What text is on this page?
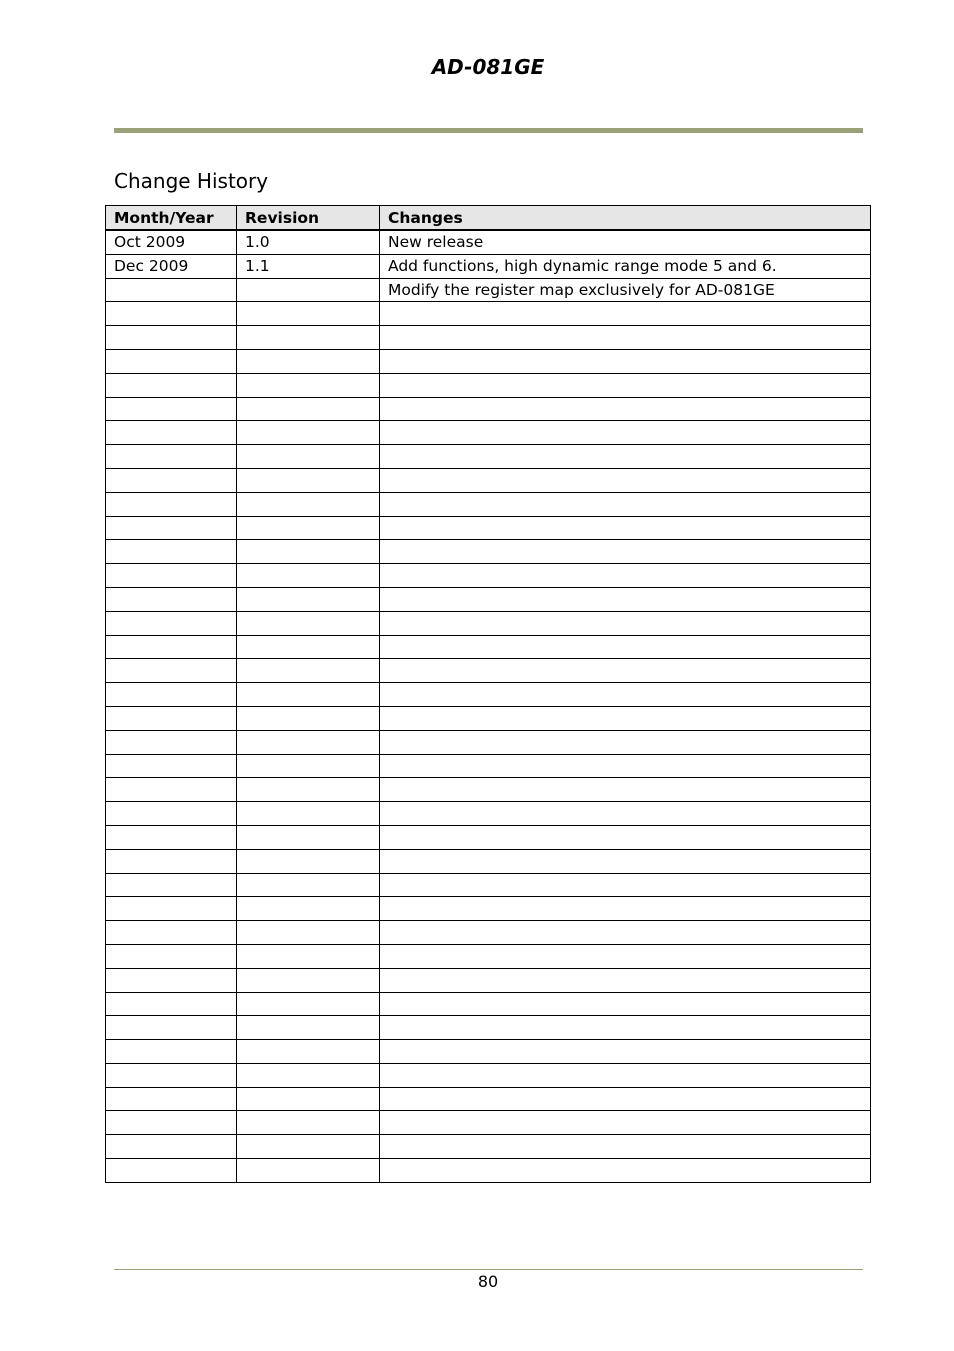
AD-081GE
Change History
Month/Year	Revision	Changes
Oct 2009	1.0	New release
Dec 2009	1.1	Add functions, high dynamic range mode 5 and 6.
		Modify the register map exclusively for AD-081GE

80
